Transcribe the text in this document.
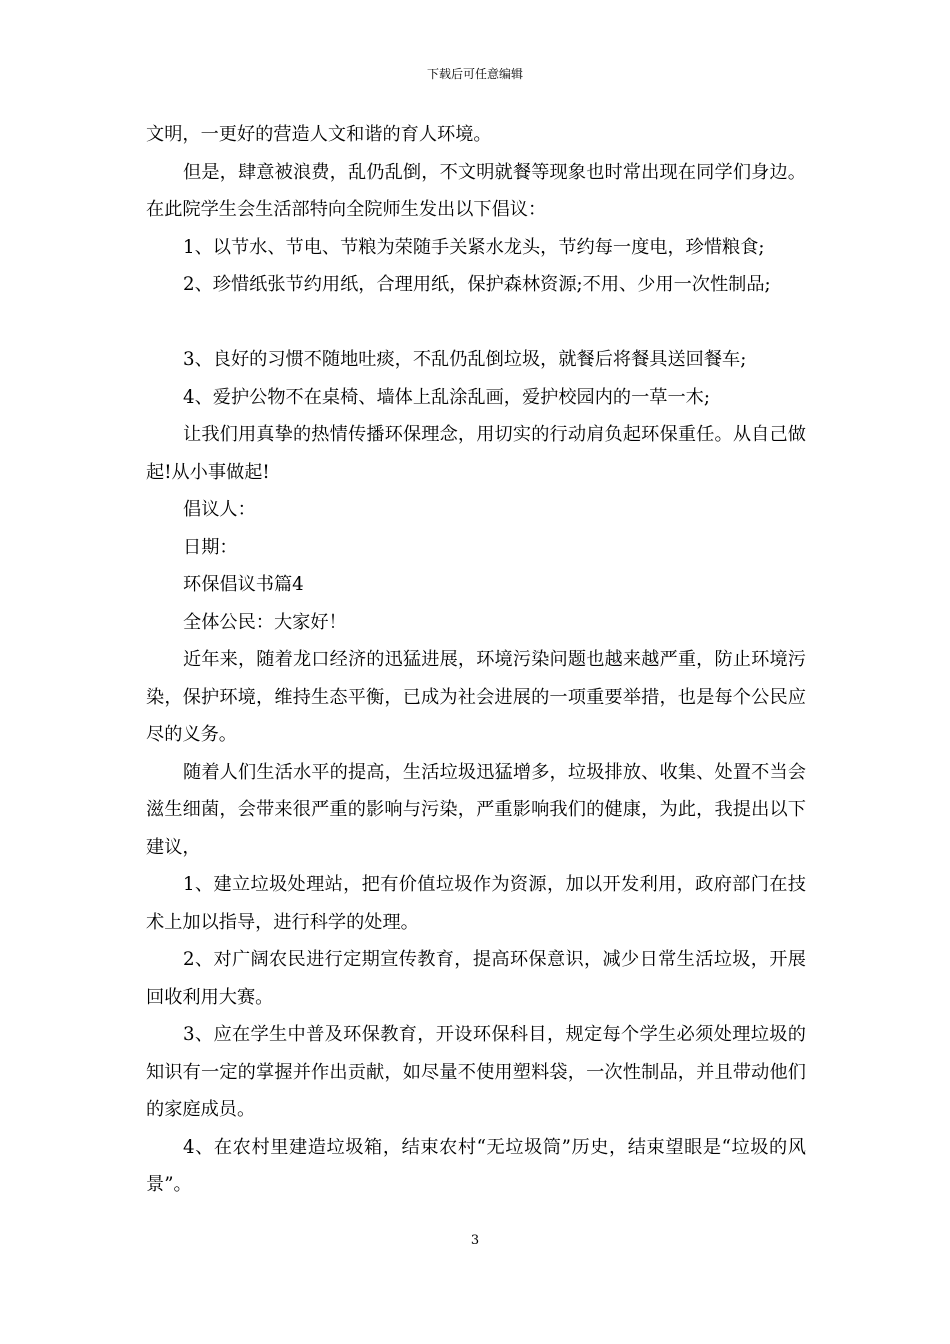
下载后可任意编辑

文明，一更好的营造人文和谐的育人环境。

但是，肆意被浪费，乱仍乱倒，不文明就餐等现象也时常出现在同学们身边。在此院学生会生活部特向全院师生发出以下倡议：

1、以节水、节电、节粮为荣随手关紧水龙头，节约每一度电，珍惜粮食;

2、珍惜纸张节约用纸，合理用纸，保护森林资源;不用、少用一次性制品;

3、良好的习惯不随地吐痰，不乱仍乱倒垃圾，就餐后将餐具送回餐车;

4、爱护公物不在桌椅、墙体上乱涂乱画，爱护校园内的一草一木;

让我们用真挚的热情传播环保理念，用切实的行动肩负起环保重任。从自己做起!从小事做起!

倡议人：

日期：

环保倡议书篇4

全体公民：大家好！

近年来，随着龙口经济的迅猛进展，环境污染问题也越来越严重，防止环境污染，保护环境，维持生态平衡，已成为社会进展的一项重要举措，也是每个公民应尽的义务。

随着人们生活水平的提高，生活垃圾迅猛增多，垃圾排放、收集、处置不当会滋生细菌，会带来很严重的影响与污染，严重影响我们的健康，为此，我提出以下建议，

1、建立垃圾处理站，把有价值垃圾作为资源，加以开发利用，政府部门在技术上加以指导，进行科学的处理。

2、对广阔农民进行定期宣传教育，提高环保意识，减少日常生活垃圾，开展回收利用大赛。

3、应在学生中普及环保教育，开设环保科目，规定每个学生必须处理垃圾的知识有一定的掌握并作出贡献，如尽量不使用塑料袋，一次性制品，并且带动他们的家庭成员。

4、在农村里建造垃圾箱，结束农村“无垃圾筒”历史，结束望眼是“垃圾的风景”。

3
